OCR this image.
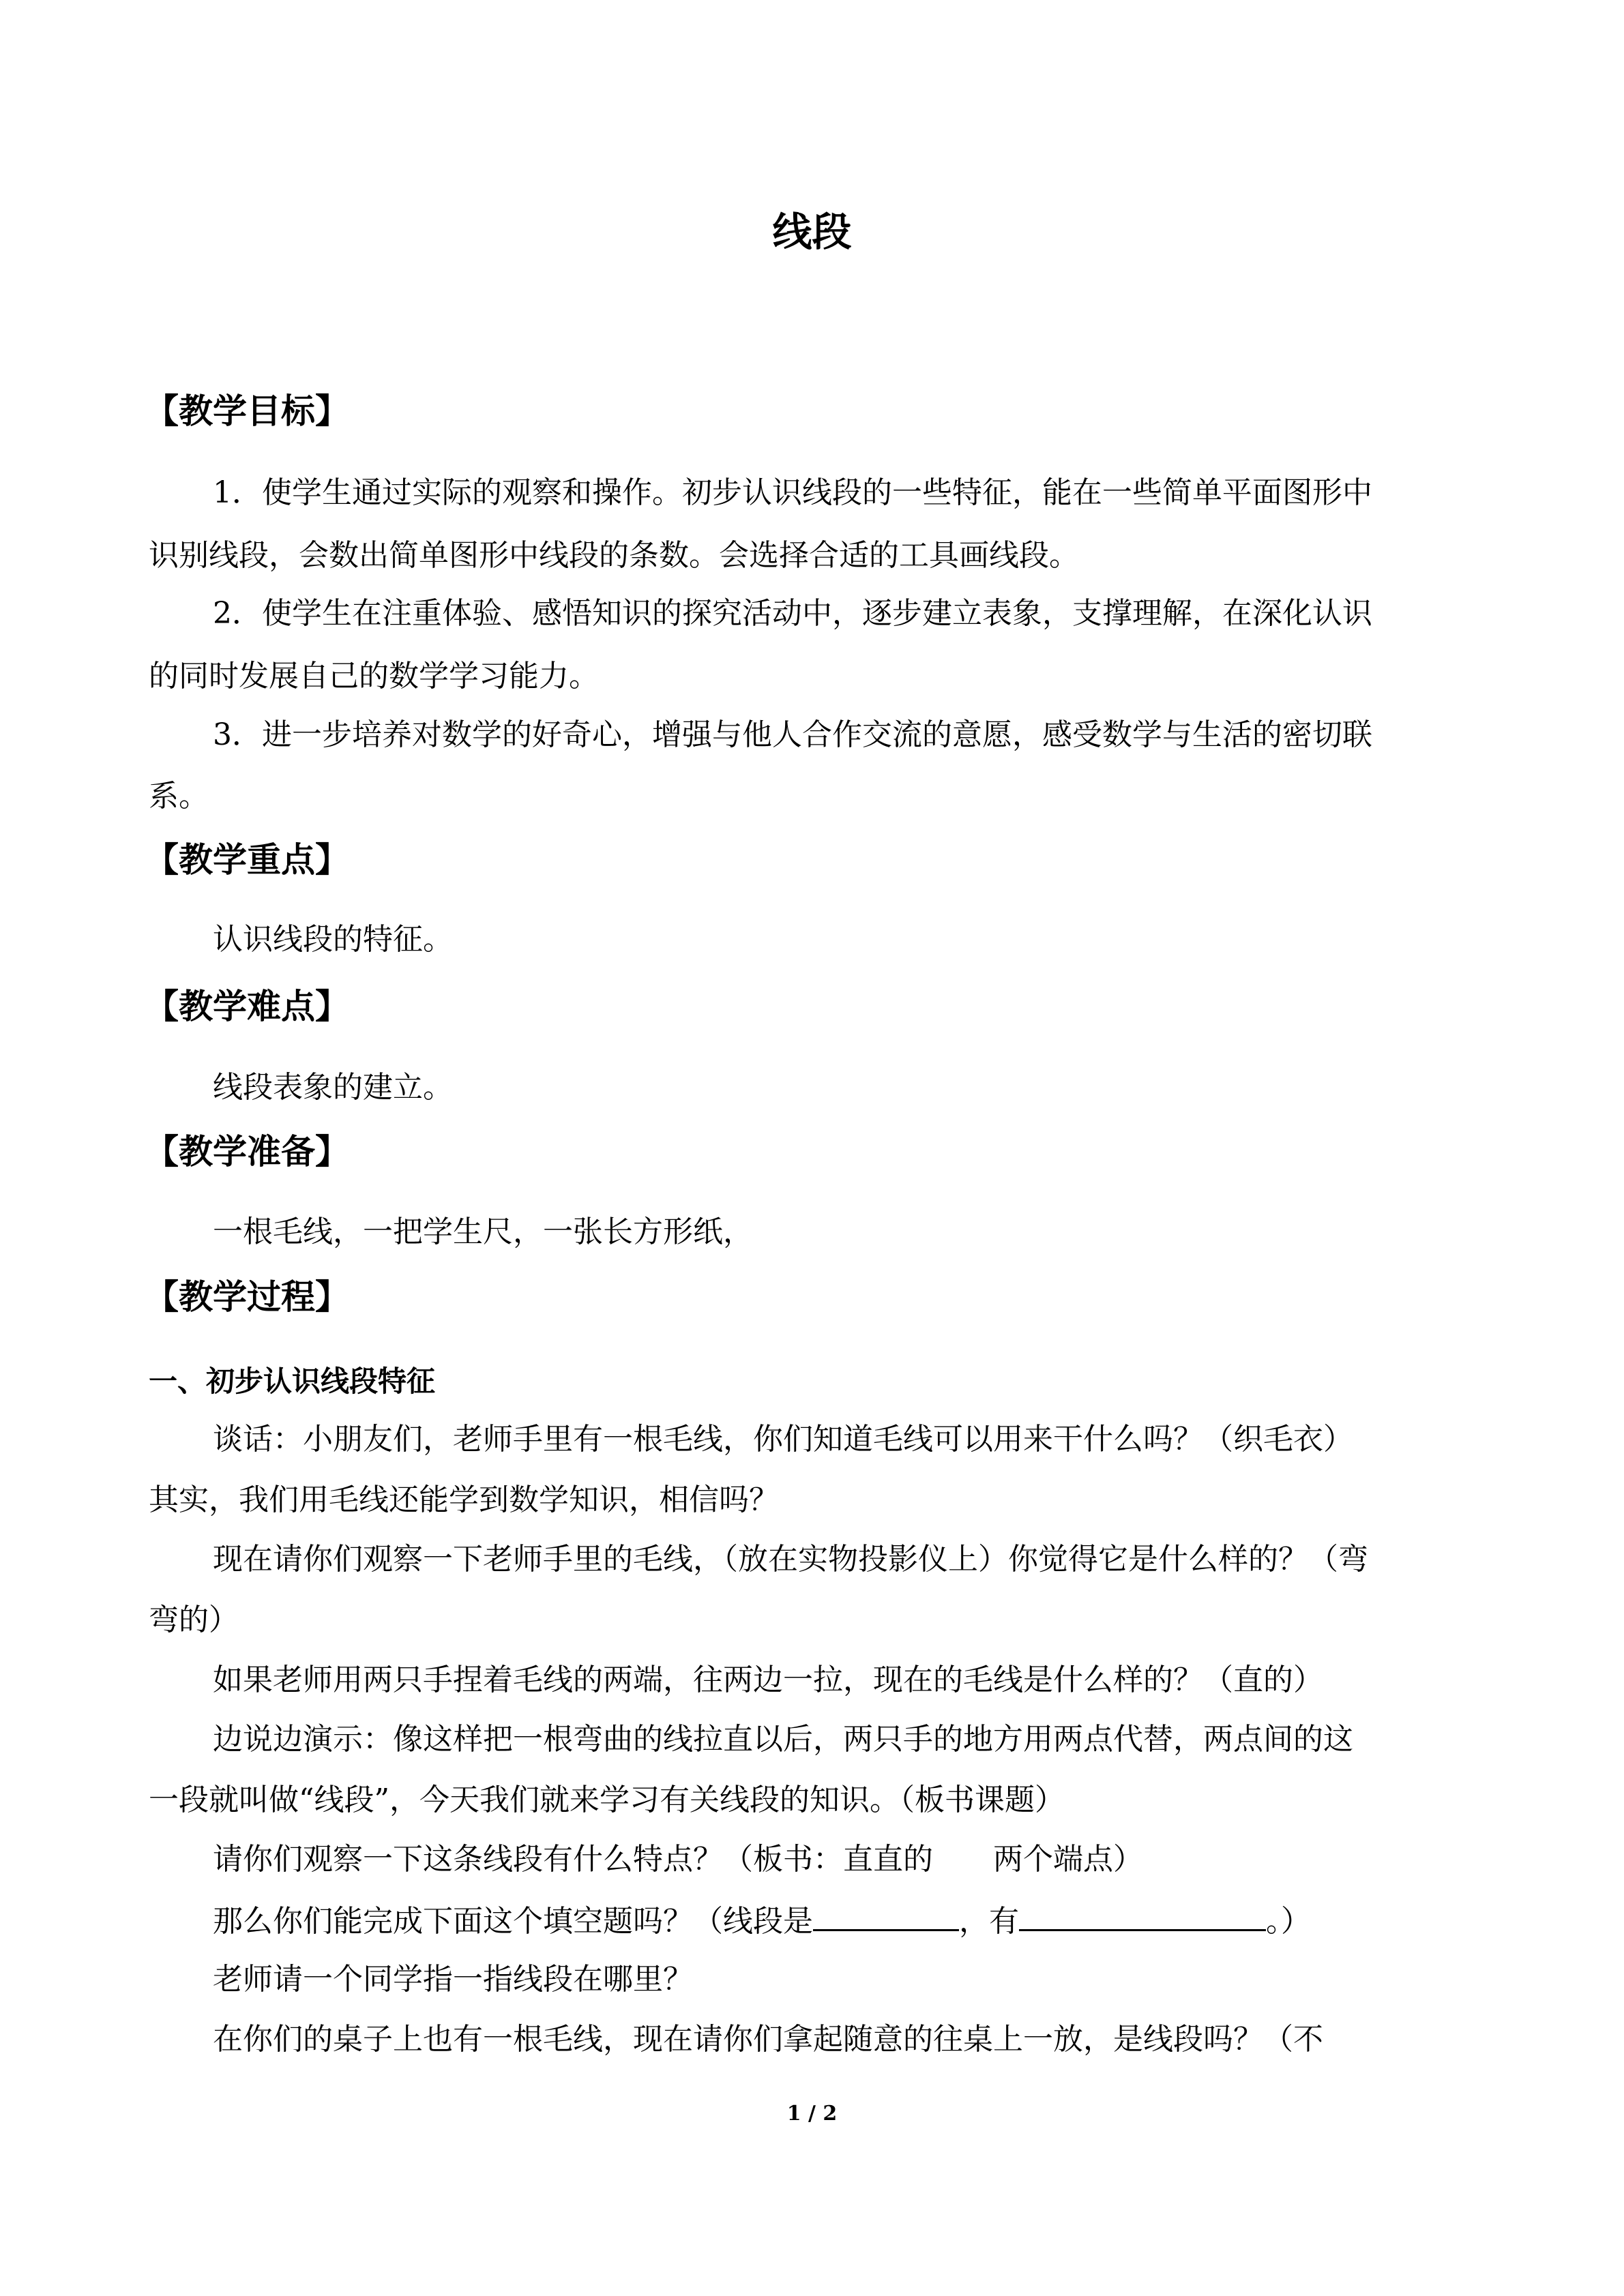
线段
【教学目标】
1．使学生通过实际的观察和操作。初步认识线段的一些特征，能在一些简单平面图形中
识别线段，会数出简单图形中线段的条数。会选择合适的工具画线段。
2．使学生在注重体验、感悟知识的探究活动中，逐步建立表象，支撑理解，在深化认识
的同时发展自己的数学学习能力。
3．进一步培养对数学的好奇心，增强与他人合作交流的意愿，感受数学与生活的密切联
系。
【教学重点】
认识线段的特征。
【教学难点】
线段表象的建立。
【教学准备】
一根毛线，一把学生尺，一张长方形纸，
【教学过程】
一、初步认识线段特征
谈话：小朋友们，老师手里有一根毛线，你们知道毛线可以用来干什么吗？（织毛衣）
其实，我们用毛线还能学到数学知识，相信吗？
现在请你们观察一下老师手里的毛线，（放在实物投影仪上）你觉得它是什么样的？（弯
弯的）
如果老师用两只手捏着毛线的两端，往两边一拉，现在的毛线是什么样的？（直的）
边说边演示：像这样把一根弯曲的线拉直以后，两只手的地方用两点代替，两点间的这
一段就叫做“线段”，今天我们就来学习有关线段的知识。（板书课题）
请你们观察一下这条线段有什么特点？（板书：直直的　　两个端点）
那么你们能完成下面这个填空题吗？（线段是	，有	。）
老师请一个同学指一指线段在哪里？
在你们的桌子上也有一根毛线，现在请你们拿起随意的往桌上一放，是线段吗？（不
1 / 2
